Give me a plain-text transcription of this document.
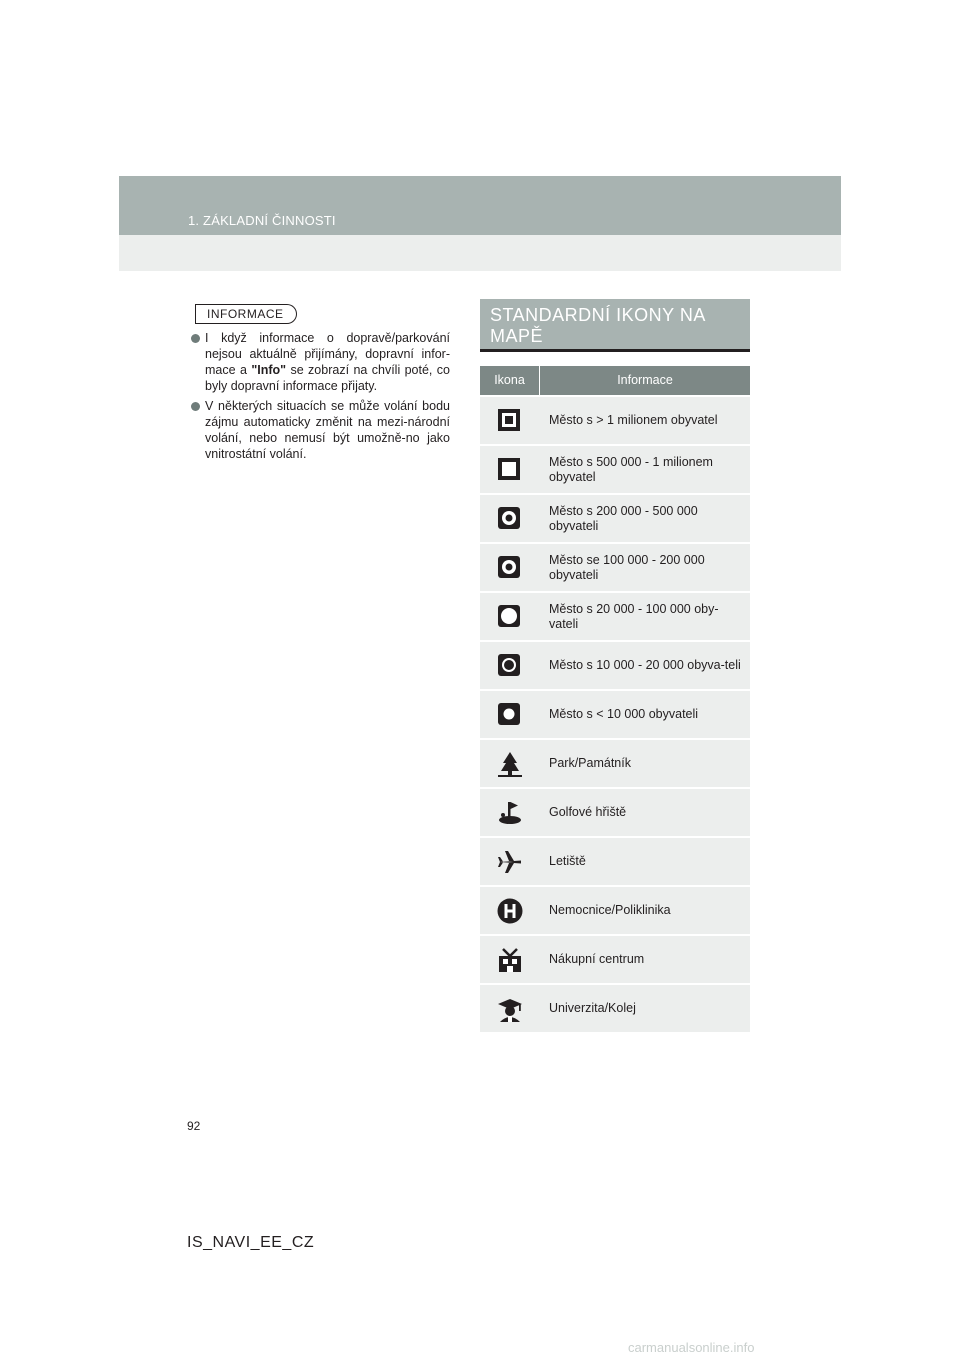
1. ZÁKLADNÍ ČINNOSTI
INFORMACE
I když informace o dopravě/parkování nejsou aktuálně přijímány, dopravní infor-mace a "Info" se zobrazí na chvíli poté, co byly dopravní informace přijaty.
V některých situacích se může volání bodu zájmu automaticky změnit na mezi-národní volání, nebo nemusí být umožně-no jako vnitrostátní volání.
STANDARDNÍ IKONY NA MAPĚ
Ikona	Informace
Město s > 1 milionem obyvatel
Město s 500 000 - 1 milionem obyvatel
Město s 200 000 - 500 000 obyvateli
Město se 100 000 - 200 000 obyvateli
Město s 20 000 - 100 000 oby-vateli
Město s 10 000 - 20 000 obyva-teli
Město s < 10 000 obyvateli
Park/Památník
Golfové hřiště
Letiště
Nemocnice/Poliklinika
Nákupní centrum
Univerzita/Kolej
92
IS_NAVI_EE_CZ
carmanualsonline.info
